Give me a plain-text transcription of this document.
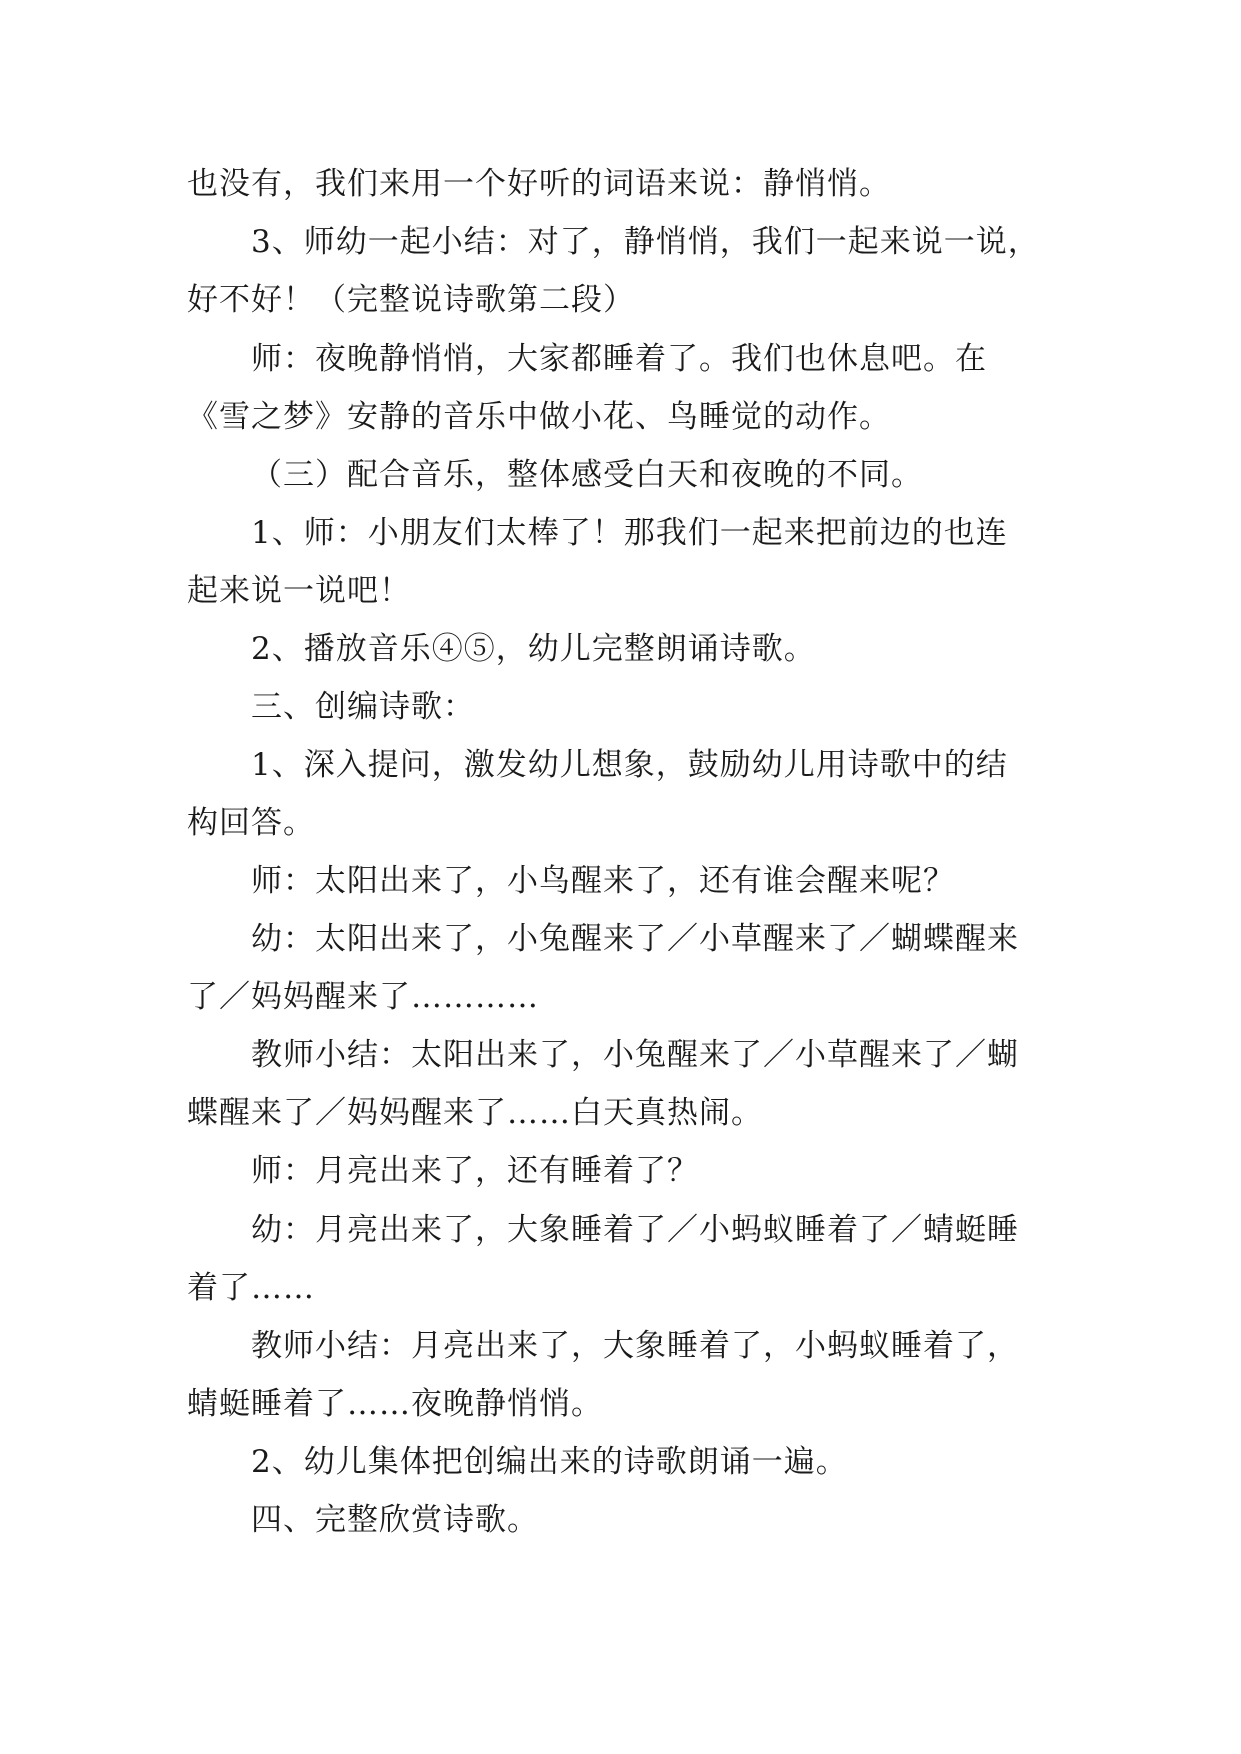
也没有，我们来用一个好听的词语来说：静悄悄。

3、师幼一起小结：对了，静悄悄，我们一起来说一说，

好不好！（完整说诗歌第二段）

师：夜晚静悄悄，大家都睡着了。我们也休息吧。在

《雪之梦》安静的音乐中做小花、鸟睡觉的动作。

（三）配合音乐，整体感受白天和夜晚的不同。

1、师：小朋友们太棒了！那我们一起来把前边的也连

起来说一说吧！

2、播放音乐④⑤，幼儿完整朗诵诗歌。

三、创编诗歌：

1、深入提问，激发幼儿想象，鼓励幼儿用诗歌中的结

构回答。

师：太阳出来了，小鸟醒来了，还有谁会醒来呢？

幼：太阳出来了，小兔醒来了／小草醒来了／蝴蝶醒来

了／妈妈醒来了…………

教师小结：太阳出来了，小兔醒来了／小草醒来了／蝴

蝶醒来了／妈妈醒来了……白天真热闹。

师：月亮出来了，还有睡着了？

幼：月亮出来了，大象睡着了／小蚂蚁睡着了／蜻蜓睡

着了……

教师小结：月亮出来了，大象睡着了，小蚂蚁睡着了，

蜻蜓睡着了……夜晚静悄悄。

2、幼儿集体把创编出来的诗歌朗诵一遍。

四、完整欣赏诗歌。
